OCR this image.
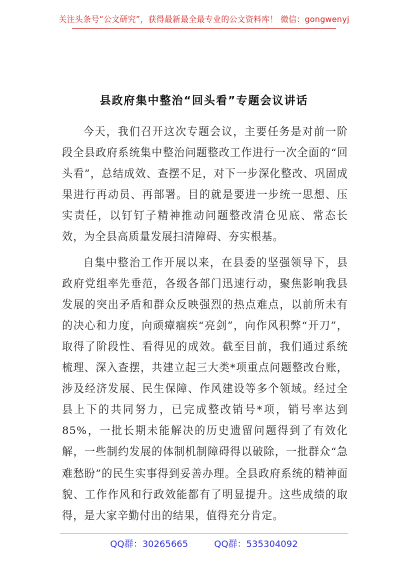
关注头条号“公文研究”，获得最新最全最专业的公文资料库！ 微信：gongwenyj
县政府集中整治“回头看”专题会议讲话

今天，我们召开这次专题会议，主要任务是对前一阶段全县政府系统集中整治问题整改工作进行一次全面的“回头看”，总结成效、查摆不足，对下一步深化整改、巩固成果进行再动员、再部署。目的就是要进一步统一思想、压实责任，以钉钉子精神推动问题整改清仓见底、常态长效，为全县高质量发展扫清障碍、夯实根基。

自集中整治工作开展以来，在县委的坚强领导下，县政府党组率先垂范，各级各部门迅速行动，聚焦影响我县发展的突出矛盾和群众反映强烈的热点难点，以前所未有的决心和力度，向顽瘴痼疾“亮剑”，向作风积弊“开刀”，取得了阶段性、看得见的成效。截至目前，我们通过系统梳理、深入查摆，共建立起三大类*项重点问题整改台账，涉及经济发展、民生保障、作风建设等多个领域。经过全县上下的共同努力，已完成整改销号*项，销号率达到85%，一批长期未能解决的历史遗留问题得到了有效化解，一些制约发展的体制机制障碍得以破除，一批群众“急难愁盼”的民生实事得到妥善办理。全县政府系统的精神面貌、工作作风和行政效能都有了明显提升。这些成绩的取得，是大家辛勤付出的结果，值得充分肯定。

QQ群：30265665	QQ群：535304092
